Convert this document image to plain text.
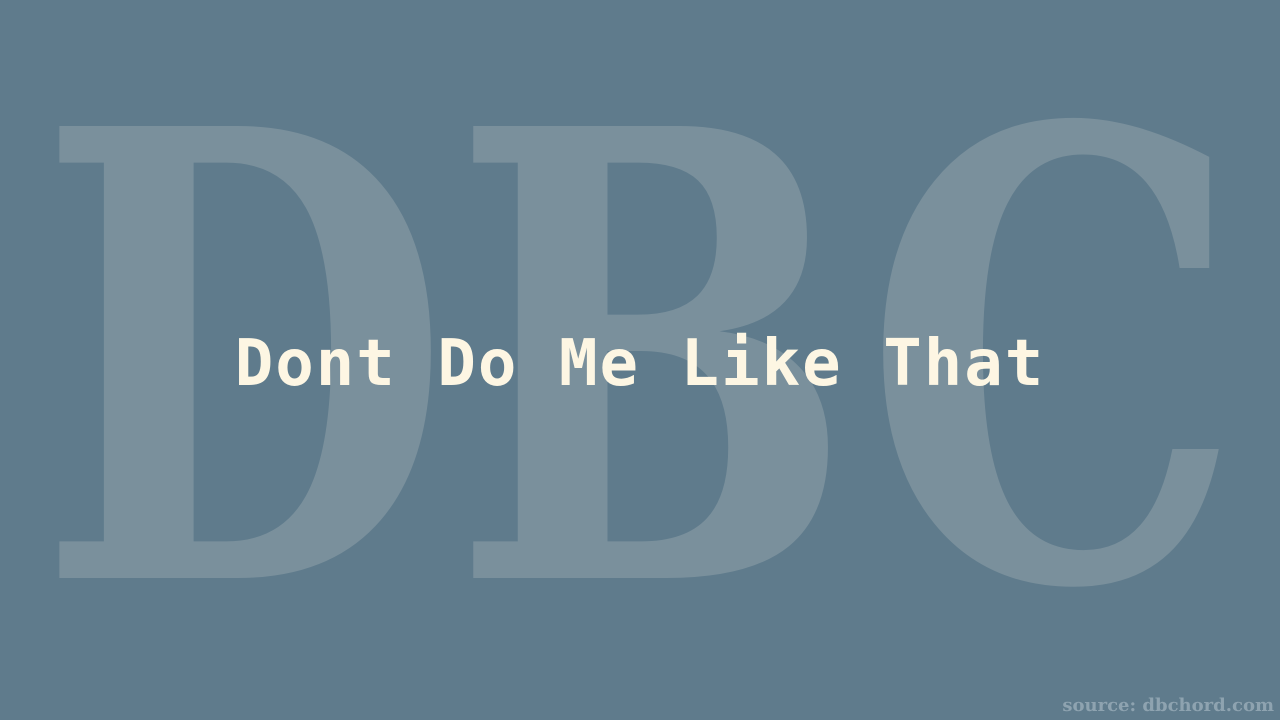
DBC
Dont Do Me Like That
source: dbchord.com
